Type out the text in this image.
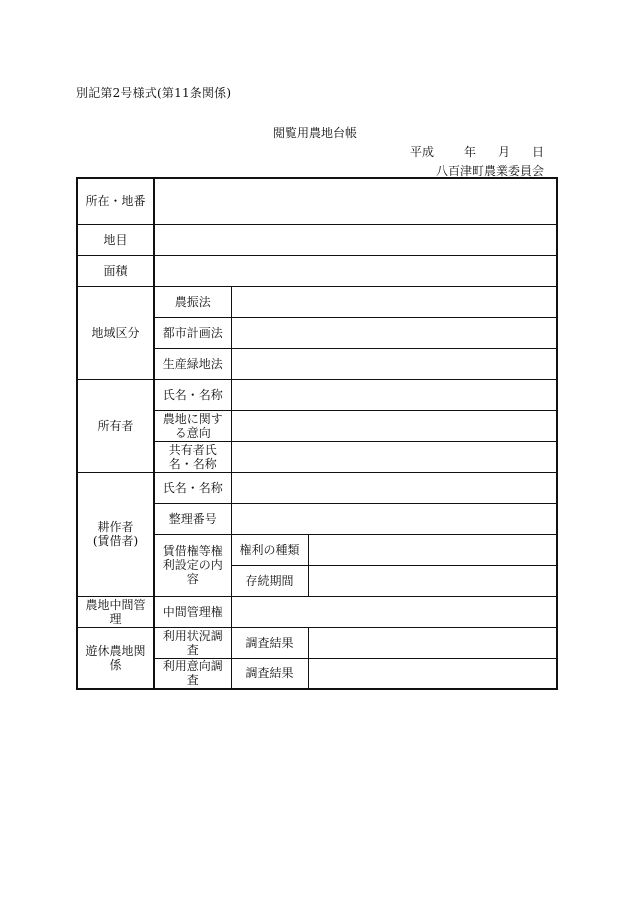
別記第2号様式(第11条関係)
閲覧用農地台帳
平成	年	月	日
八百津町農業委員会
所在・地番			
地目			
面積			
地域区分	農振法		
	都市計画法		
	生産緑地法		
所有者	氏名・名称		
	農地に関する意向		
	共有者氏名・名称		
耕作者
(賃借者)	氏名・名称		
	整理番号		
	賃借権等権利設定の内容	権利の種類	
		存続期間	
農地中間管理	中間管理権		
遊休農地関係	利用状況調査	調査結果	
	利用意向調査	調査結果	
